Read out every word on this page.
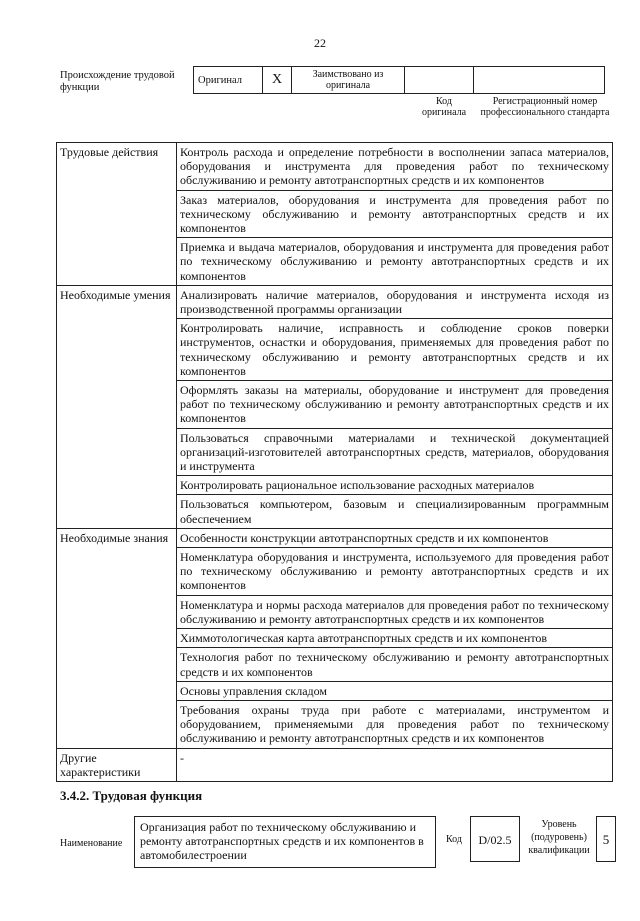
22
Происхождение трудовой функции
Оригинал	X	Заимствовано из оригинала		
Код оригинала
Регистрационный номер профессионального стандарта
Трудовые действия	Контроль расхода и определение потребности в восполнении запаса материалов, оборудования и инструмента для проведения работ по техническому обслуживанию и ремонту автотранспортных средств и их компонентов
	Заказ материалов, оборудования и инструмента для проведения работ по техническому обслуживанию и ремонту автотранспортных средств и их компонентов
	Приемка и выдача материалов, оборудования и инструмента для проведения работ по техническому обслуживанию и ремонту автотранспортных средств и их компонентов
Необходимые умения	Анализировать наличие материалов, оборудования и инструмента исходя из производственной программы организации
	Контролировать наличие, исправность и соблюдение сроков поверки инструментов, оснастки и оборудования, применяемых для проведения работ по техническому обслуживанию и ремонту автотранспортных средств и их компонентов
	Оформлять заказы на материалы, оборудование и инструмент для проведения работ по техническому обслуживанию и ремонту автотранспортных средств и их компонентов
	Пользоваться справочными материалами и технической документацией организаций-изготовителей автотранспортных средств, материалов, оборудования и инструмента
	Контролировать рациональное использование расходных материалов
	Пользоваться компьютером, базовым и специализированным программным обеспечением
Необходимые знания	Особенности конструкции автотранспортных средств и их компонентов
	Номенклатура оборудования и инструмента, используемого для проведения работ по техническому обслуживанию и ремонту автотранспортных средств и их компонентов
	Номенклатура и нормы расхода материалов для проведения работ по техническому обслуживанию и ремонту автотранспортных средств и их компонентов
	Химмотологическая карта автотранспортных средств и их компонентов
	Технология работ по техническому обслуживанию и ремонту автотранспортных средств и их компонентов
	Основы управления складом
	Требования охраны труда при работе с материалами, инструментом и оборудованием, применяемыми для проведения работ по техническому обслуживанию и ремонту автотранспортных средств и их компонентов
Другие характеристики	-
3.4.2. Трудовая функция
Наименование
Организация работ по техническому обслуживанию и ремонту автотранспортных средств и их компонентов в автомобилестроении
Код	D/02.5
Уровень (подуровень) квалификации
5
